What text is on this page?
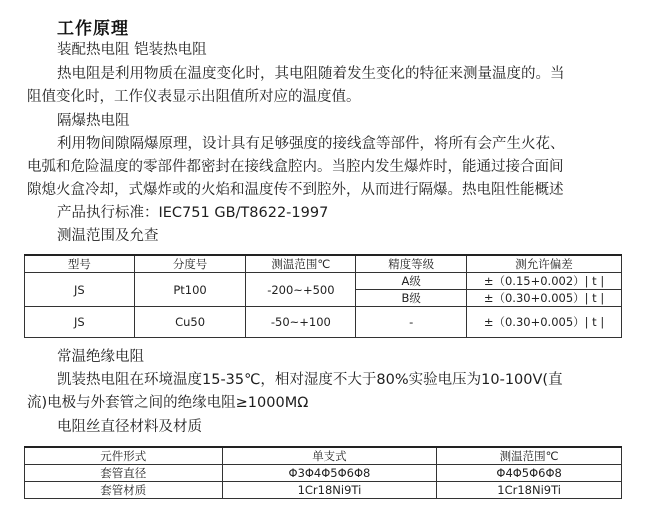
工作原理
装配热电阻 铠装热电阻
热电阻是利用物质在温度变化时，其电阻随着发生变化的特征来测量温度的。当
阻值变化时，工作仪表显示出阻值所对应的温度值。
隔爆热电阻
利用物间隙隔爆原理，设计具有足够强度的接线盒等部件，将所有会产生火花、
电弧和危险温度的零部件都密封在接线盒腔内。当腔内发生爆炸时，能通过接合面间
隙熄火盒冷却，式爆炸或的火焰和温度传不到腔外，从而进行隔爆。热电阻性能概述
产品执行标准：IEC751 GB/T8622-1997
测温范围及允查
型号	分度号	测温范围℃	精度等级	测允许偏差
JS	Pt100	-200~+500	A级	±（0.15+0.002）| t |
			B级	±（0.30+0.005）| t |
JS	Cu50	-50~+100	-	±（0.30+0.005）| t |
常温绝缘电阻
凯装热电阻在环境温度15-35℃，相对湿度不大于80%实验电压为10-100V(直
流)电极与外套管之间的绝缘电阻≥1000MΩ
电阻丝直径材料及材质
元件形式	单支式	测温范围℃
套管直径	Φ3Φ4Φ5Φ6Φ8	Φ4Φ5Φ6Φ8
套管材质	1Cr18Ni9Ti	1Cr18Ni9Ti
